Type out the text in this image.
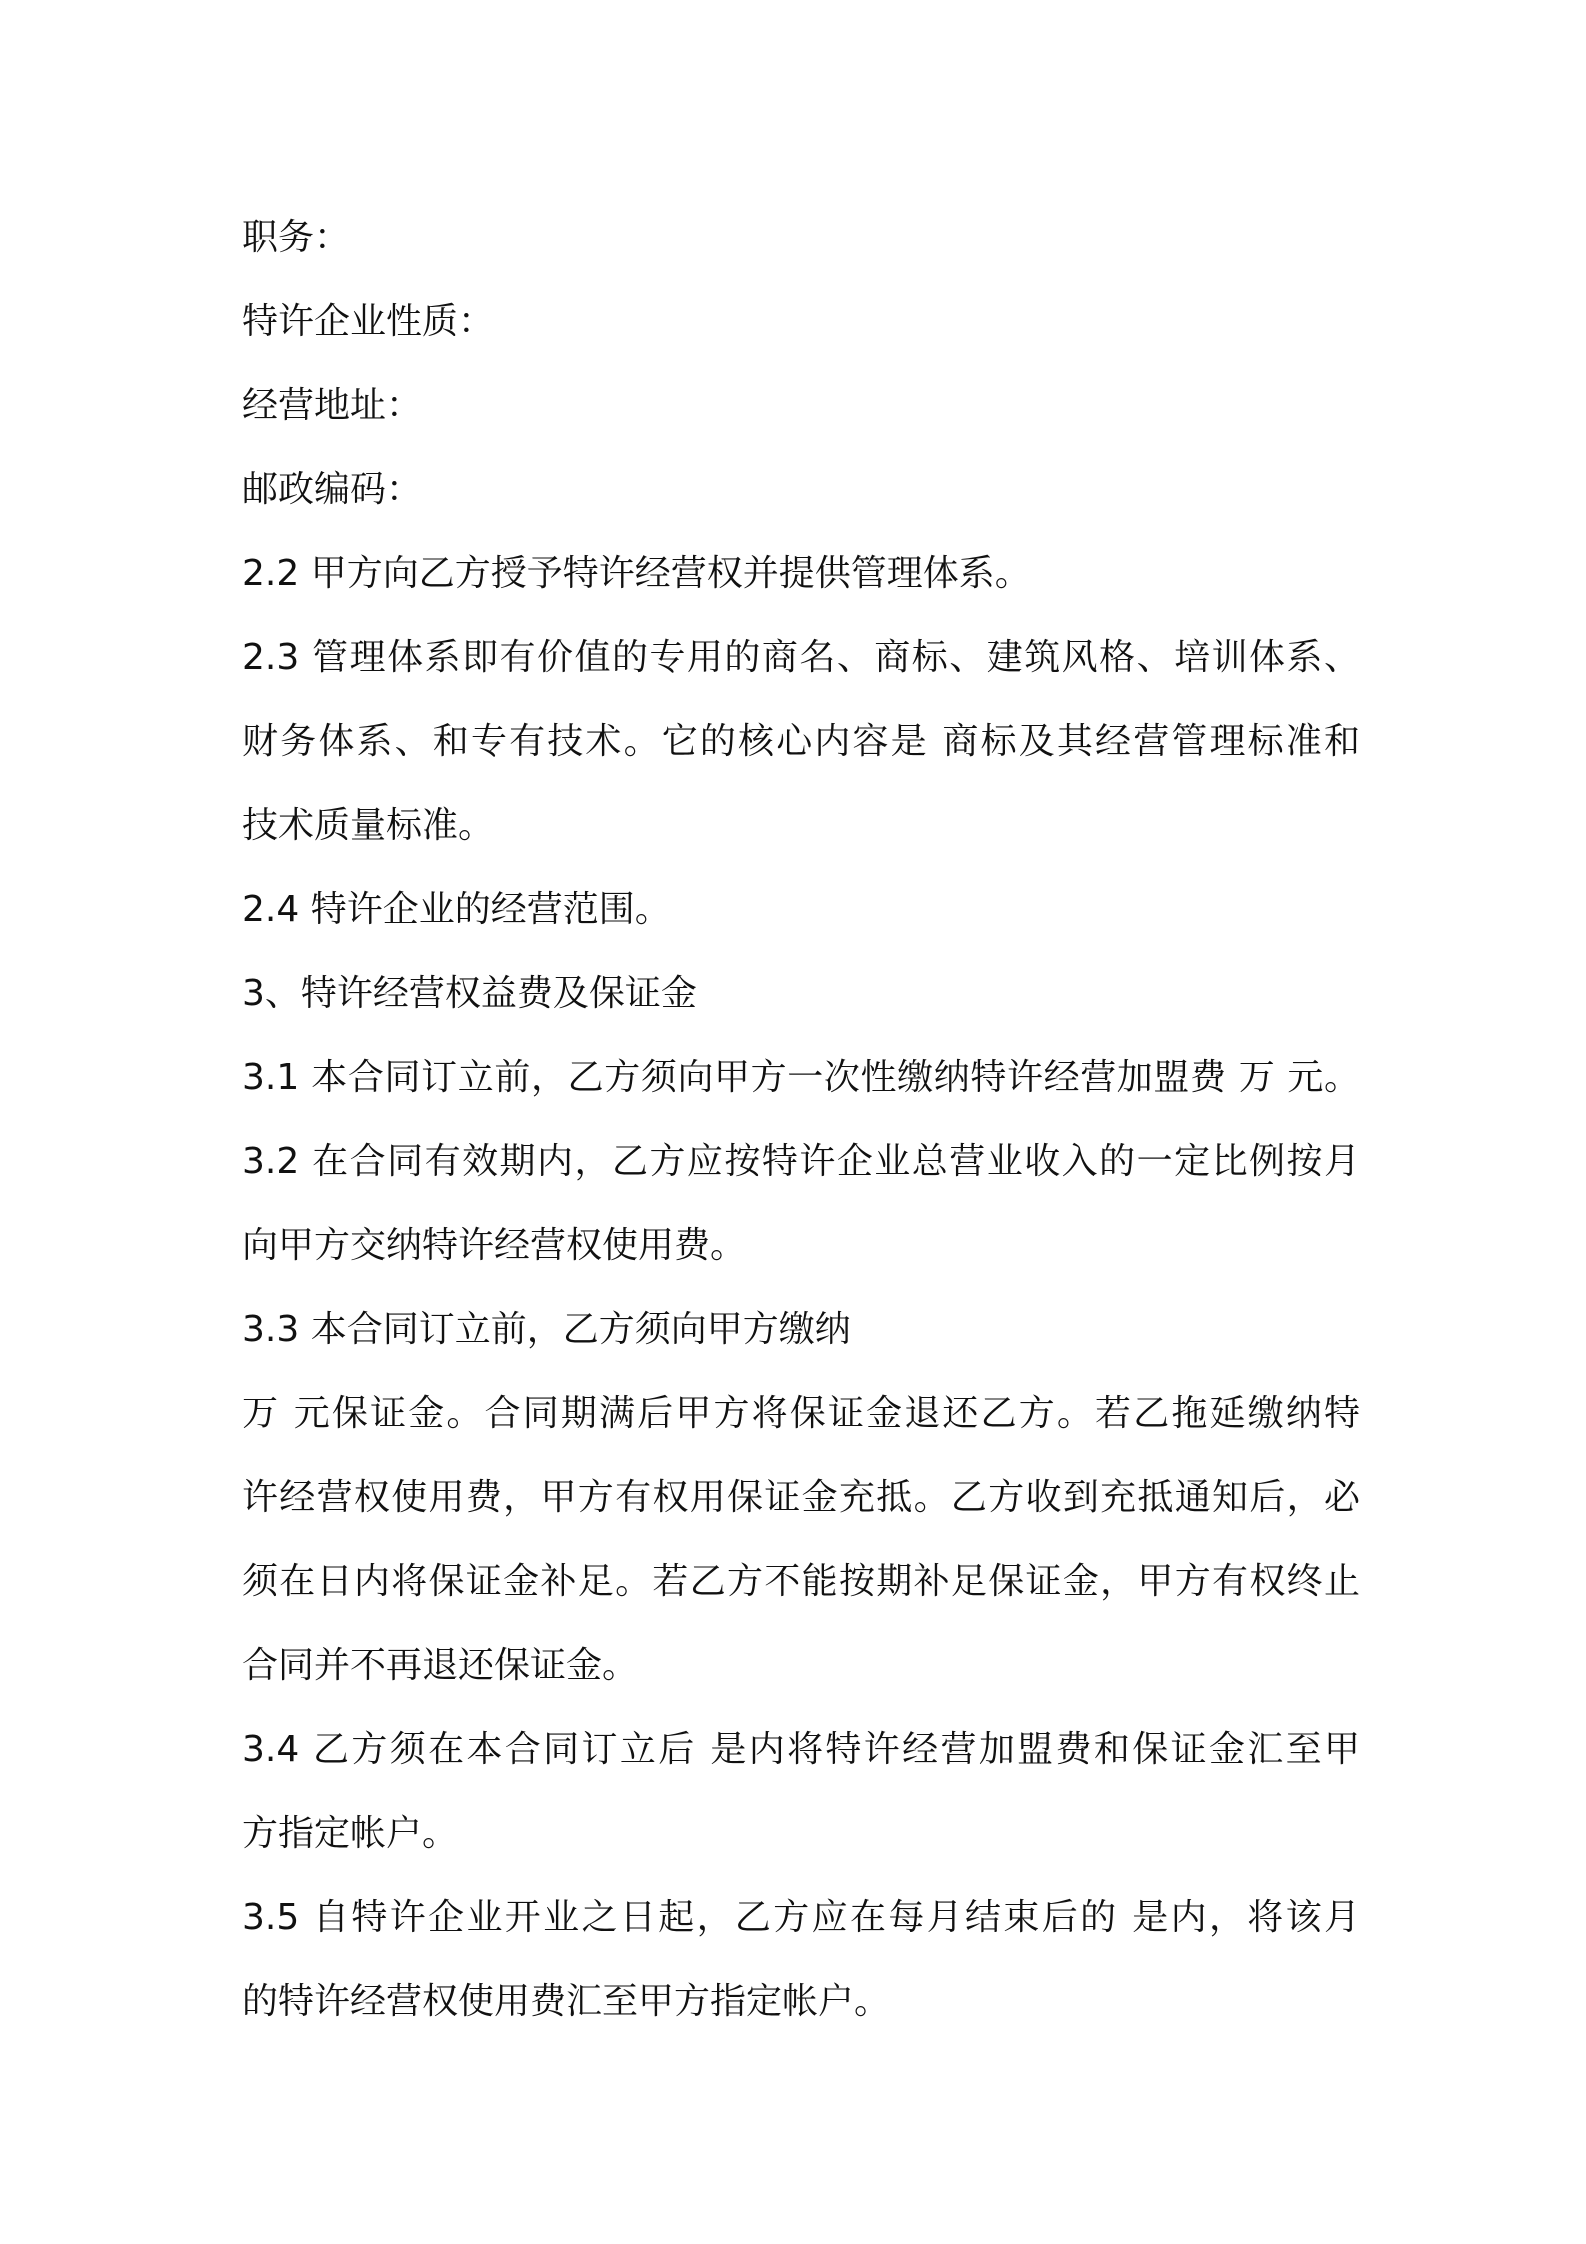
职务：
特许企业性质：
经营地址：
邮政编码：
2.2 甲方向乙方授予特许经营权并提供管理体系。
2.3 管理体系即有价值的专用的商名、商标、建筑风格、培训体系、
财务体系、和专有技术。它的核心内容是 商标及其经营管理标准和
技术质量标准。
2.4 特许企业的经营范围。
3、特许经营权益费及保证金
3.1 本合同订立前，乙方须向甲方一次性缴纳特许经营加盟费 万 元。
3.2 在合同有效期内，乙方应按特许企业总营业收入的一定比例按月
向甲方交纳特许经营权使用费。
3.3 本合同订立前，乙方须向甲方缴纳
万 元保证金。合同期满后甲方将保证金退还乙方。若乙拖延缴纳特
许经营权使用费，甲方有权用保证金充抵。乙方收到充抵通知后，必
须在日内将保证金补足。若乙方不能按期补足保证金，甲方有权终止
合同并不再退还保证金。
3.4 乙方须在本合同订立后 是内将特许经营加盟费和保证金汇至甲
方指定帐户。
3.5 自特许企业开业之日起，乙方应在每月结束后的 是内，将该月
的特许经营权使用费汇至甲方指定帐户。
